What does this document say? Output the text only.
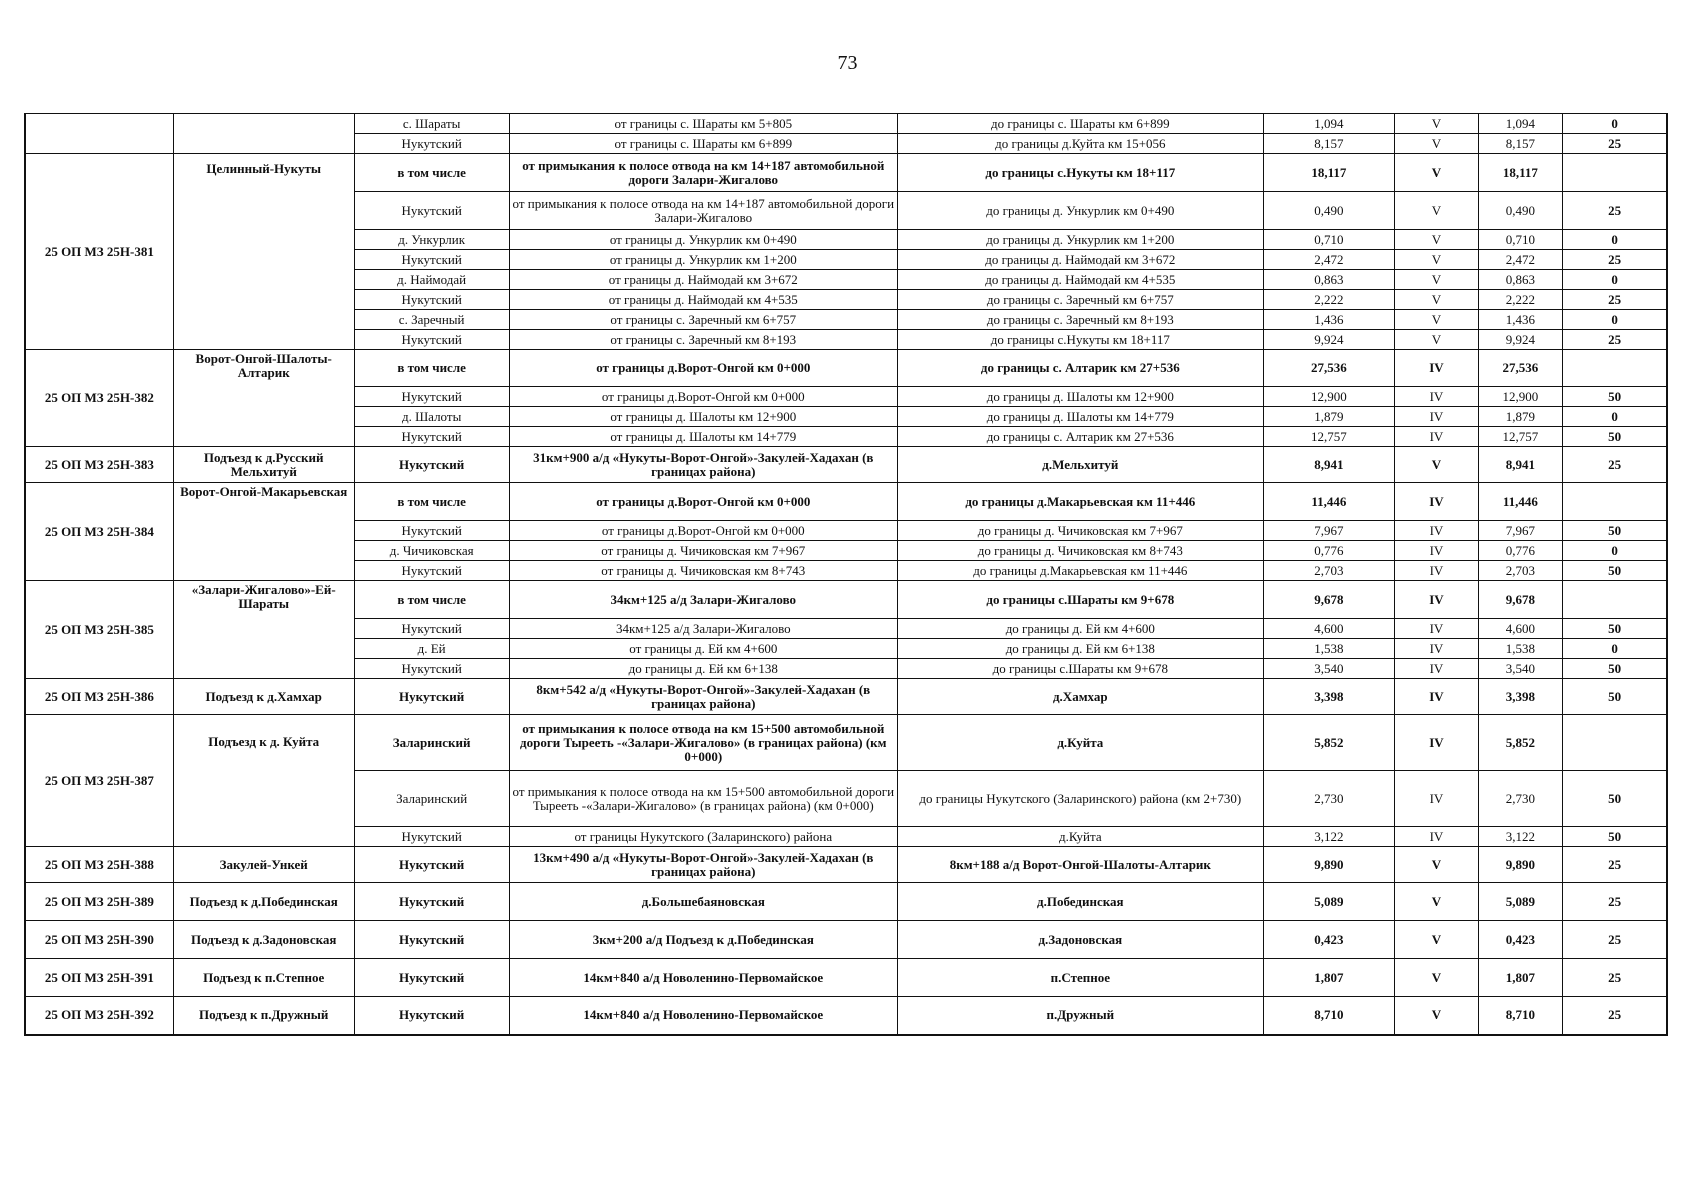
73
		с. Шараты	от границы с. Шараты км 5+805	до границы с. Шараты км 6+899	1,094	V	1,094	0
		Нукутский	от границы с. Шараты км 6+899	до границы д.Куйта км 15+056	8,157	V	8,157	25
25 ОП МЗ 25Н-381	Целинный-Нукуты	в том числе	от примыкания к полосе отвода на км 14+187 автомобильной дороги Залари-Жигалово	до границы с.Нукуты км 18+117	18,117	V	18,117	
		Нукутский	от примыкания к полосе отвода на км 14+187 автомобильной дороги Залари-Жигалово	до границы д. Ункурлик км 0+490	0,490	V	0,490	25
		д. Ункурлик	от границы д. Ункурлик км 0+490	до границы д. Ункурлик км 1+200	0,710	V	0,710	0
		Нукутский	от границы д. Ункурлик км 1+200	до границы д. Наймодай км 3+672	2,472	V	2,472	25
		д. Наймодай	от границы д. Наймодай км 3+672	до границы д. Наймодай км 4+535	0,863	V	0,863	0
		Нукутский	от границы д. Наймодай км 4+535	до границы с. Заречный км 6+757	2,222	V	2,222	25
		с. Заречный	от границы с. Заречный км 6+757	до границы с. Заречный км 8+193	1,436	V	1,436	0
		Нукутский	от границы с. Заречный км 8+193	до границы с.Нукуты км 18+117	9,924	V	9,924	25
25 ОП МЗ 25Н-382	Ворот-Онгой-Шалоты-Алтарик	в том числе	от границы д.Ворот-Онгой км 0+000	до границы с. Алтарик км 27+536	27,536	IV	27,536	
		Нукутский	от границы д.Ворот-Онгой км 0+000	до границы д. Шалоты км 12+900	12,900	IV	12,900	50
		д. Шалоты	от границы д. Шалоты км 12+900	до границы д. Шалоты км 14+779	1,879	IV	1,879	0
		Нукутский	от границы д. Шалоты км 14+779	до границы с. Алтарик км 27+536	12,757	IV	12,757	50
25 ОП МЗ 25Н-383	Подъезд к д.Русский Мельхитуй	Нукутский	31км+900 а/д «Нукуты-Ворот-Онгой»-Закулей-Хадахан (в границах района)	д.Мельхитуй	8,941	V	8,941	25
25 ОП МЗ 25Н-384	Ворот-Онгой-Макарьевская	в том числе	от границы д.Ворот-Онгой км 0+000	до границы д.Макарьевская км 11+446	11,446	IV	11,446	
		Нукутский	от границы д.Ворот-Онгой км 0+000	до границы д. Чичиковская км 7+967	7,967	IV	7,967	50
		д. Чичиковская	от границы д. Чичиковская км 7+967	до границы д. Чичиковская км 8+743	0,776	IV	0,776	0
		Нукутский	от границы д. Чичиковская км 8+743	до границы д.Макарьевская км 11+446	2,703	IV	2,703	50
25 ОП МЗ 25Н-385	«Залари-Жигалово»-Ей-Шараты	в том числе	34км+125 а/д Залари-Жигалово	до границы с.Шараты км 9+678	9,678	IV	9,678	
		Нукутский	34км+125 а/д Залари-Жигалово	до границы д. Ей км 4+600	4,600	IV	4,600	50
		д. Ей	от границы д. Ей км 4+600	до границы д. Ей км 6+138	1,538	IV	1,538	0
		Нукутский	до границы д. Ей км 6+138	до границы с.Шараты км 9+678	3,540	IV	3,540	50
25 ОП МЗ 25Н-386	Подъезд к д.Хамхар	Нукутский	8км+542 а/д «Нукуты-Ворот-Онгой»-Закулей-Хадахан (в границах района)	д.Хамхар	3,398	IV	3,398	50
25 ОП МЗ 25Н-387	Подъезд к д. Куйта	Заларинский	от примыкания к полосе отвода на км 15+500 автомобильной дороги Тырееть -«Залари-Жигалово» (в границах района) (км 0+000)	д.Куйта	5,852	IV	5,852	
		Заларинский	от примыкания к полосе отвода на км 15+500 автомобильной дороги Тырееть -«Залари-Жигалово» (в границах района) (км 0+000)	до границы Нукутского (Заларинского) района (км 2+730)	2,730	IV	2,730	50
		Нукутский	от границы Нукутского (Заларинского) района	д.Куйта	3,122	IV	3,122	50
25 ОП МЗ 25Н-388	Закулей-Ункей	Нукутский	13км+490 а/д «Нукуты-Ворот-Онгой»-Закулей-Хадахан (в границах района)	8км+188 а/д Ворот-Онгой-Шалоты-Алтарик	9,890	V	9,890	25
25 ОП МЗ 25Н-389	Подъезд к д.Побединская	Нукутский	д.Большебаяновская	д.Побединская	5,089	V	5,089	25
25 ОП МЗ 25Н-390	Подъезд к д.Задоновская	Нукутский	3км+200 а/д Подъезд к д.Побединская	д.Задоновская	0,423	V	0,423	25
25 ОП МЗ 25Н-391	Подъезд к п.Степное	Нукутский	14км+840 а/д Новоленино-Первомайское	п.Степное	1,807	V	1,807	25
25 ОП МЗ 25Н-392	Подъезд к п.Дружный	Нукутский	14км+840 а/д Новоленино-Первомайское	п.Дружный	8,710	V	8,710	25
